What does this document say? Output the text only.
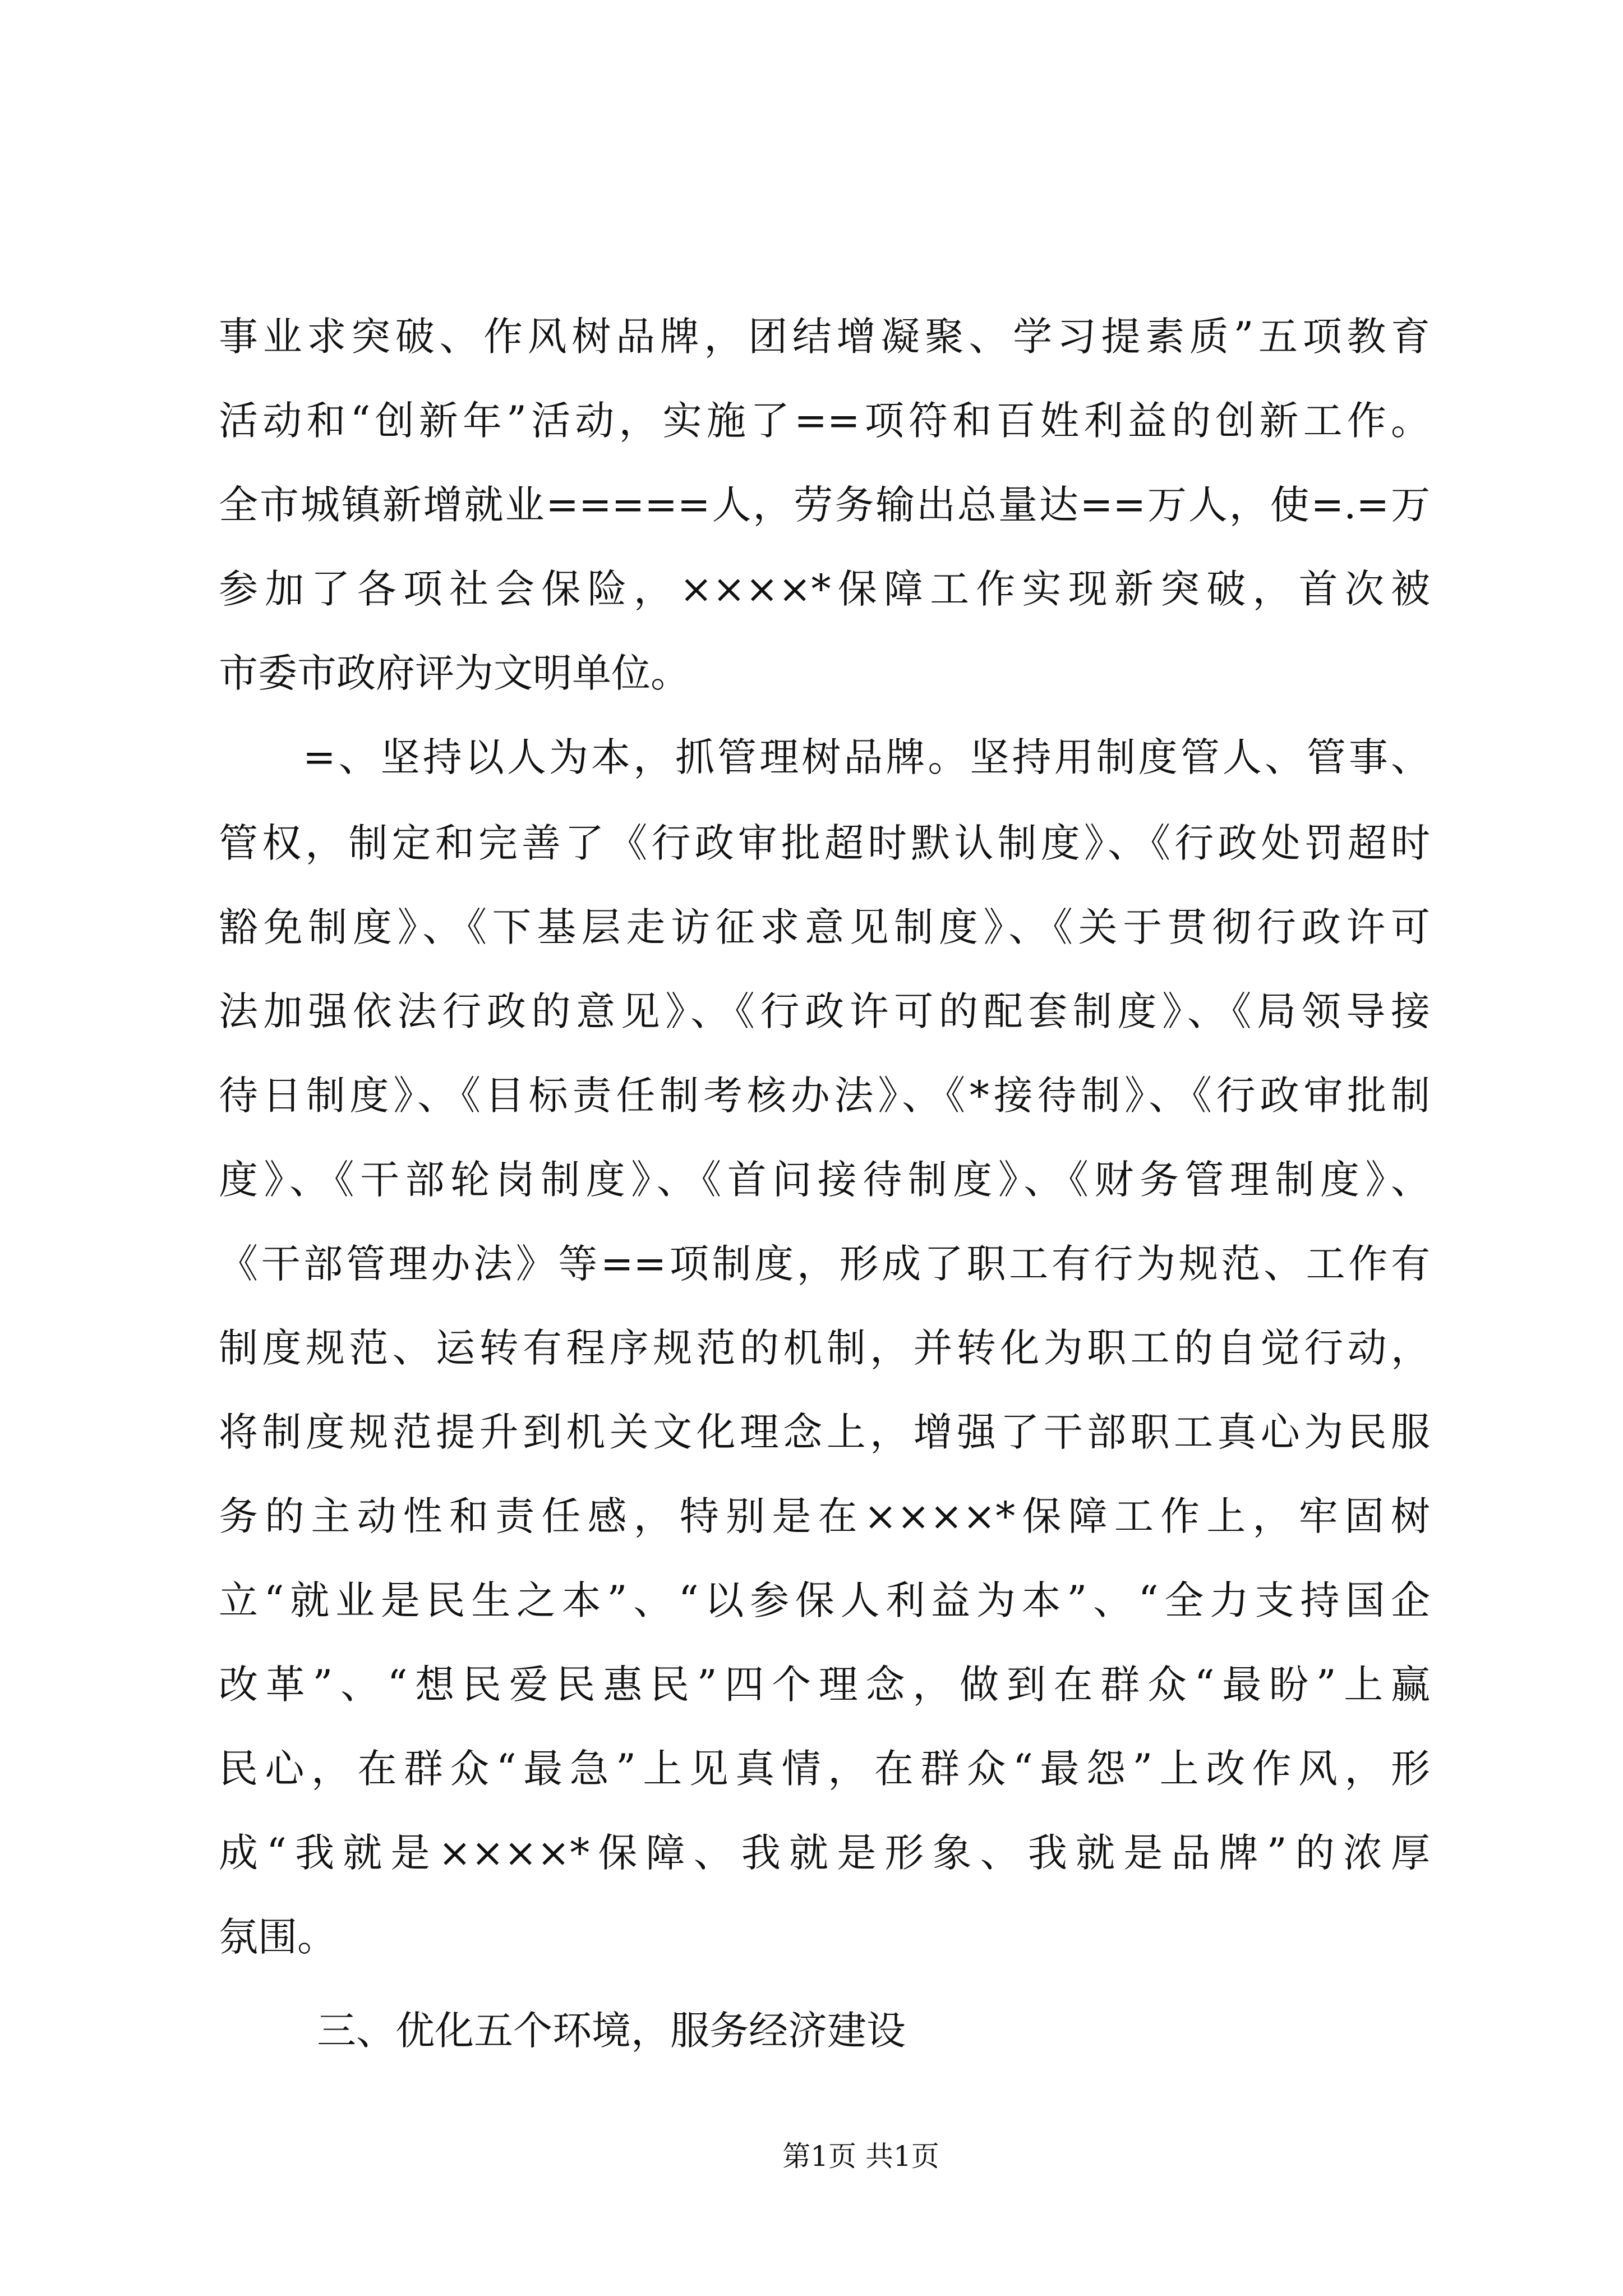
事业求突破、作风树品牌，团结增凝聚、学习提素质”五项教育
活动和“创新年”活动，实施了==项符和百姓利益的创新工作。
全市城镇新增就业=====人，劳务输出总量达==万人，使=.=万
参加了各项社会保险，××××*保障工作实现新突破，首次被
市委市政府评为文明单位。
=、坚持以人为本，抓管理树品牌。坚持用制度管人、管事、
管权，制定和完善了《行政审批超时默认制度》、《行政处罚超时
豁免制度》、《下基层走访征求意见制度》、《关于贯彻行政许可
法加强依法行政的意见》、《行政许可的配套制度》、《局领导接
待日制度》、《目标责任制考核办法》、《*接待制》、《行政审批制
度》、《干部轮岗制度》、《首问接待制度》、《财务管理制度》、
《干部管理办法》等==项制度，形成了职工有行为规范、工作有
制度规范、运转有程序规范的机制，并转化为职工的自觉行动，
将制度规范提升到机关文化理念上，增强了干部职工真心为民服
务的主动性和责任感，特别是在××××*保障工作上，牢固树
立“就业是民生之本”、“以参保人利益为本”、“全力支持国企
改革”、“想民爱民惠民”四个理念，做到在群众“最盼”上赢
民心，在群众“最急”上见真情，在群众“最怨”上改作风，形
成“我就是××××*保障、我就是形象、我就是品牌”的浓厚
氛围。
三、优化五个环境，服务经济建设
第1页 共1页
